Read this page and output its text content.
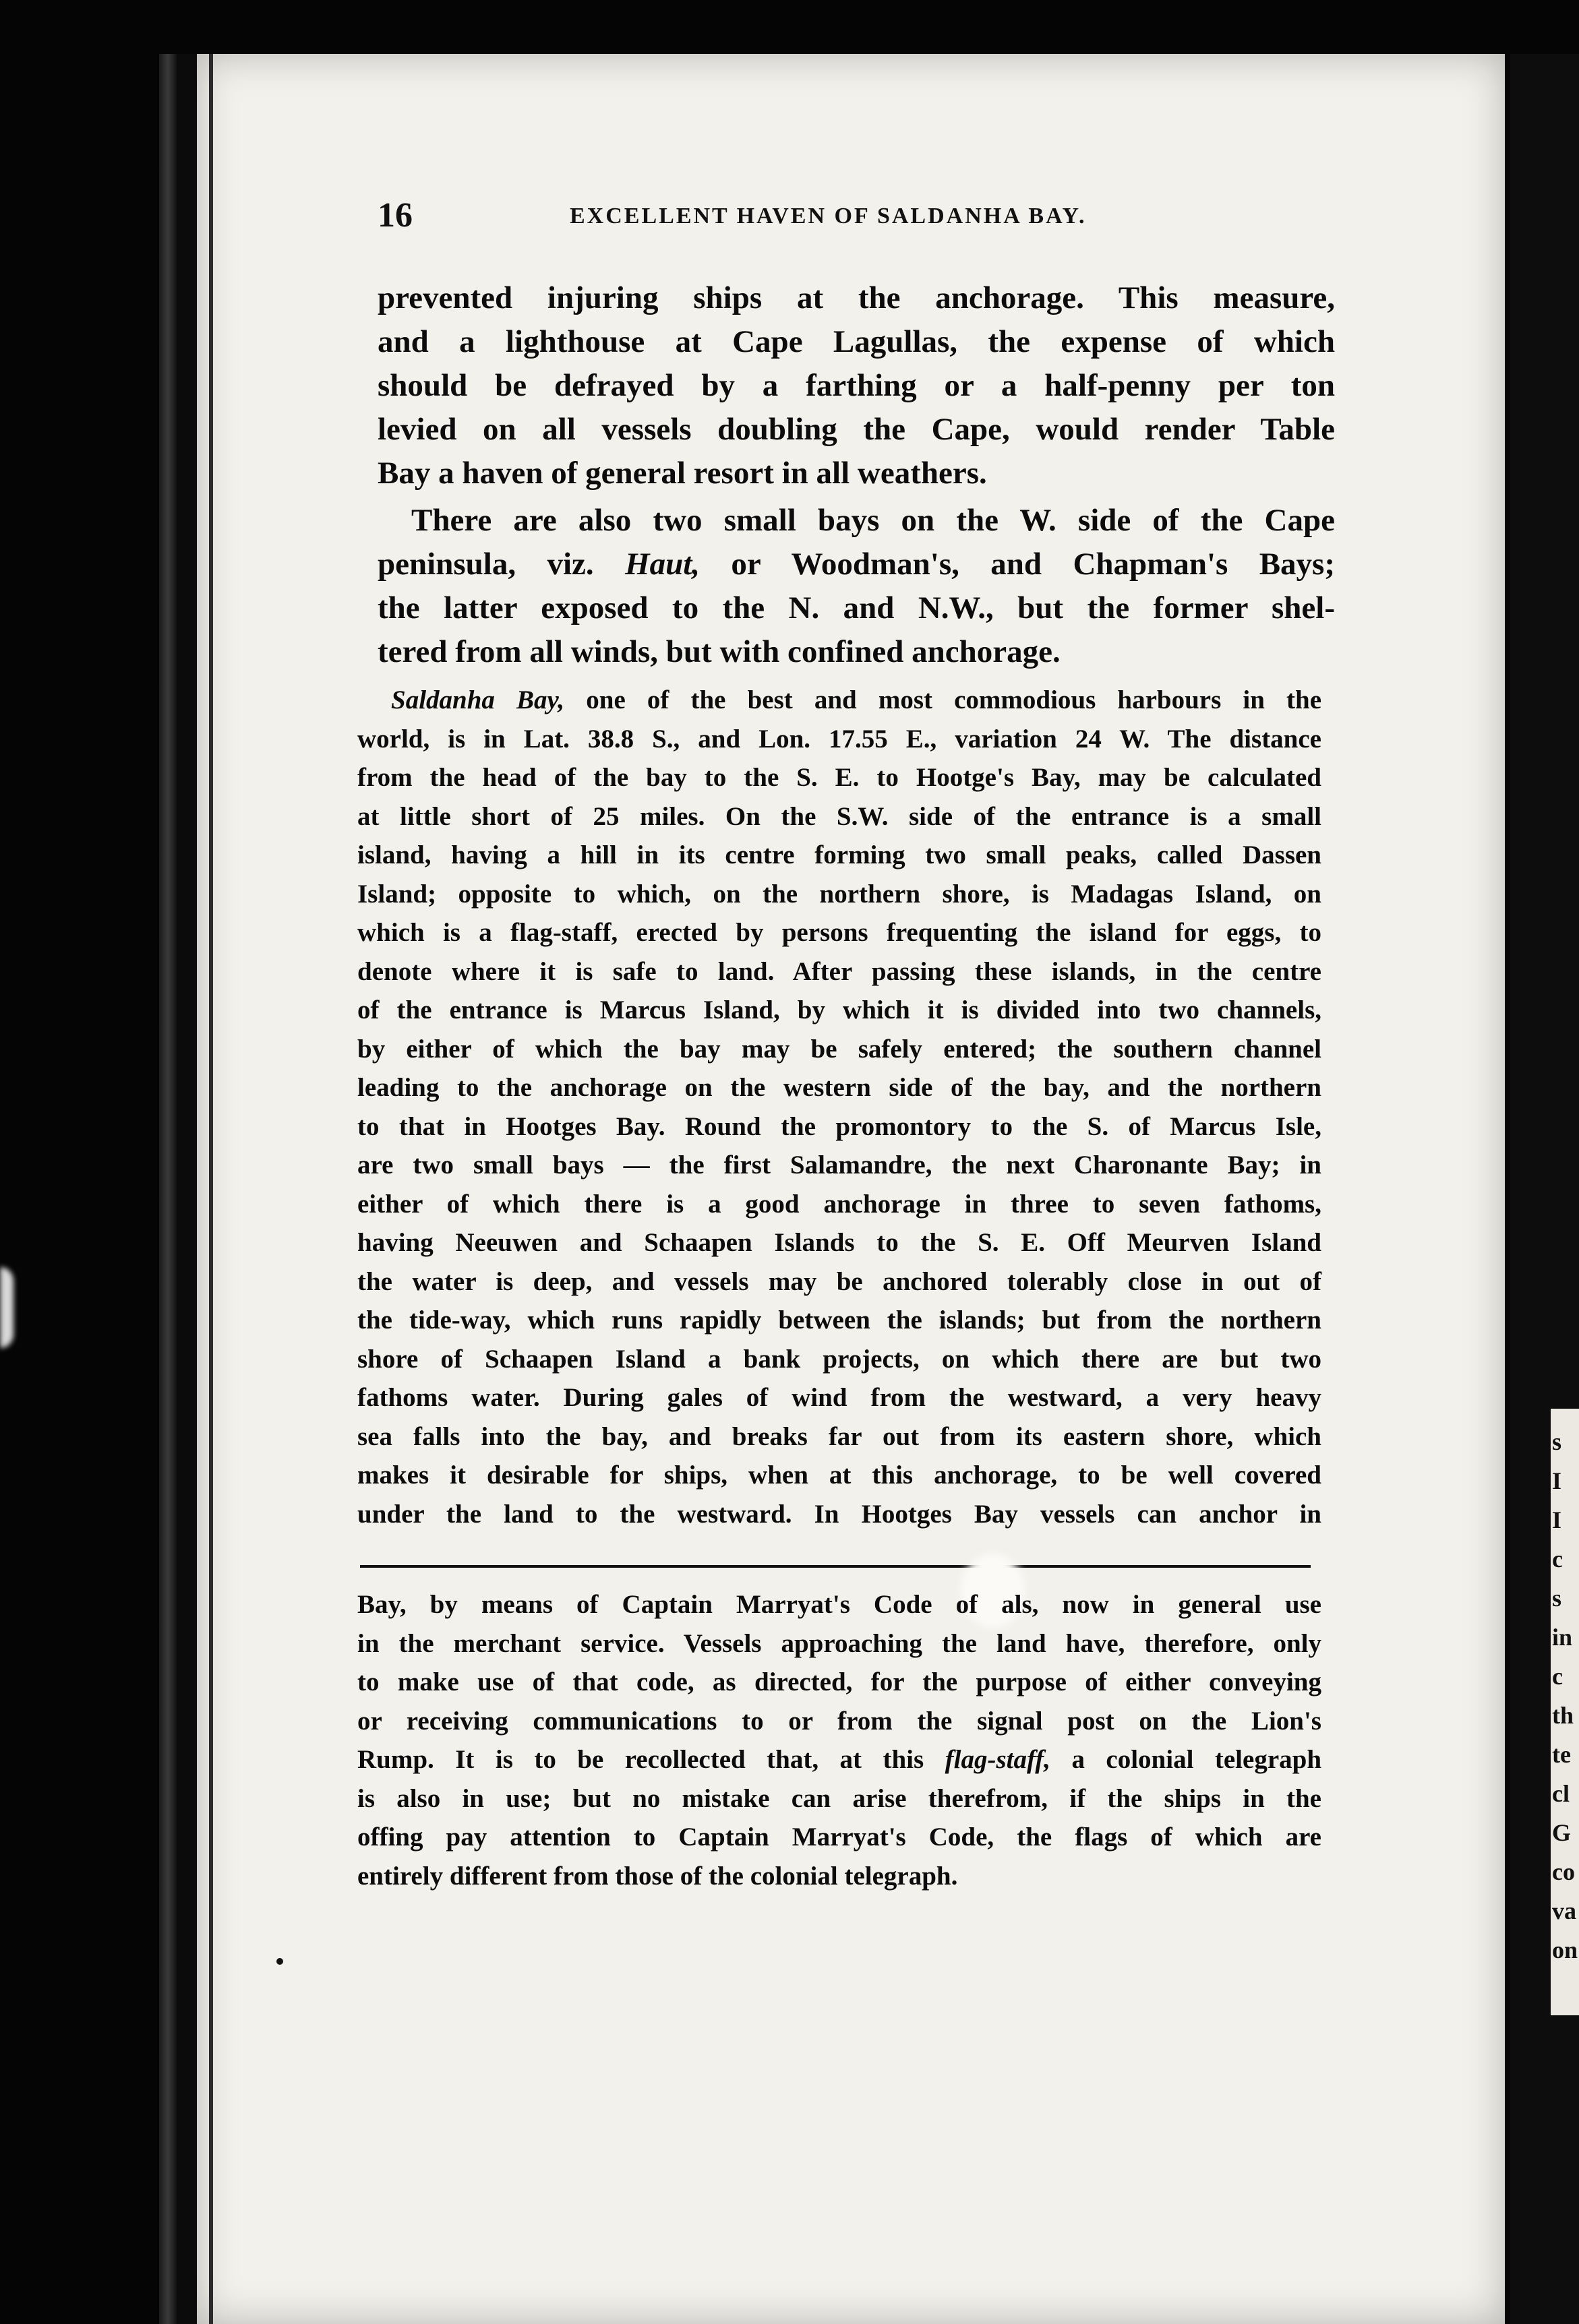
s
I
I
c
s
in
c
th
te
cl
G
co
va
on
16	EXCELLENT HAVEN OF SALDANHA BAY.
prevented injuring ships at the anchorage. This measure,
and a lighthouse at Cape Lagullas, the expense of which
should be defrayed by a farthing or a half-penny per ton
levied on all vessels doubling the Cape, would render Table
Bay a haven of general resort in all weathers.
There are also two small bays on the W. side of the Cape
peninsula, viz. Haut, or Woodman's, and Chapman's Bays;
the latter exposed to the N. and N.W., but the former shel-
tered from all winds, but with confined anchorage.
Saldanha Bay, one of the best and most commodious harbours in the
world, is in Lat. 38.8 S., and Lon. 17.55 E., variation 24 W. The distance
from the head of the bay to the S. E. to Hootge's Bay, may be calculated
at little short of 25 miles. On the S.W. side of the entrance is a small
island, having a hill in its centre forming two small peaks, called Dassen
Island; opposite to which, on the northern shore, is Madagas Island, on
which is a flag-staff, erected by persons frequenting the island for eggs, to
denote where it is safe to land. After passing these islands, in the centre
of the entrance is Marcus Island, by which it is divided into two channels,
by either of which the bay may be safely entered; the southern channel
leading to the anchorage on the western side of the bay, and the northern
to that in Hootges Bay. Round the promontory to the S. of Marcus Isle,
are two small bays — the first Salamandre, the next Charonante Bay; in
either of which there is a good anchorage in three to seven fathoms,
having Neeuwen and Schaapen Islands to the S. E. Off Meurven Island
the water is deep, and vessels may be anchored tolerably close in out of
the tide-way, which runs rapidly between the islands; but from the northern
shore of Schaapen Island a bank projects, on which there are but two
fathoms water. During gales of wind from the westward, a very heavy
sea falls into the bay, and breaks far out from its eastern shore, which
makes it desirable for ships, when at this anchorage, to be well covered
under the land to the westward. In Hootges Bay vessels can anchor in
Bay, by means of Captain Marryat's Code of als, now in general use
in the merchant service. Vessels approaching the land have, therefore, only
to make use of that code, as directed, for the purpose of either conveying
or receiving communications to or from the signal post on the Lion's
Rump. It is to be recollected that, at this flag-staff, a colonial telegraph
is also in use; but no mistake can arise therefrom, if the ships in the
offing pay attention to Captain Marryat's Code, the flags of which are
entirely different from those of the colonial telegraph.
